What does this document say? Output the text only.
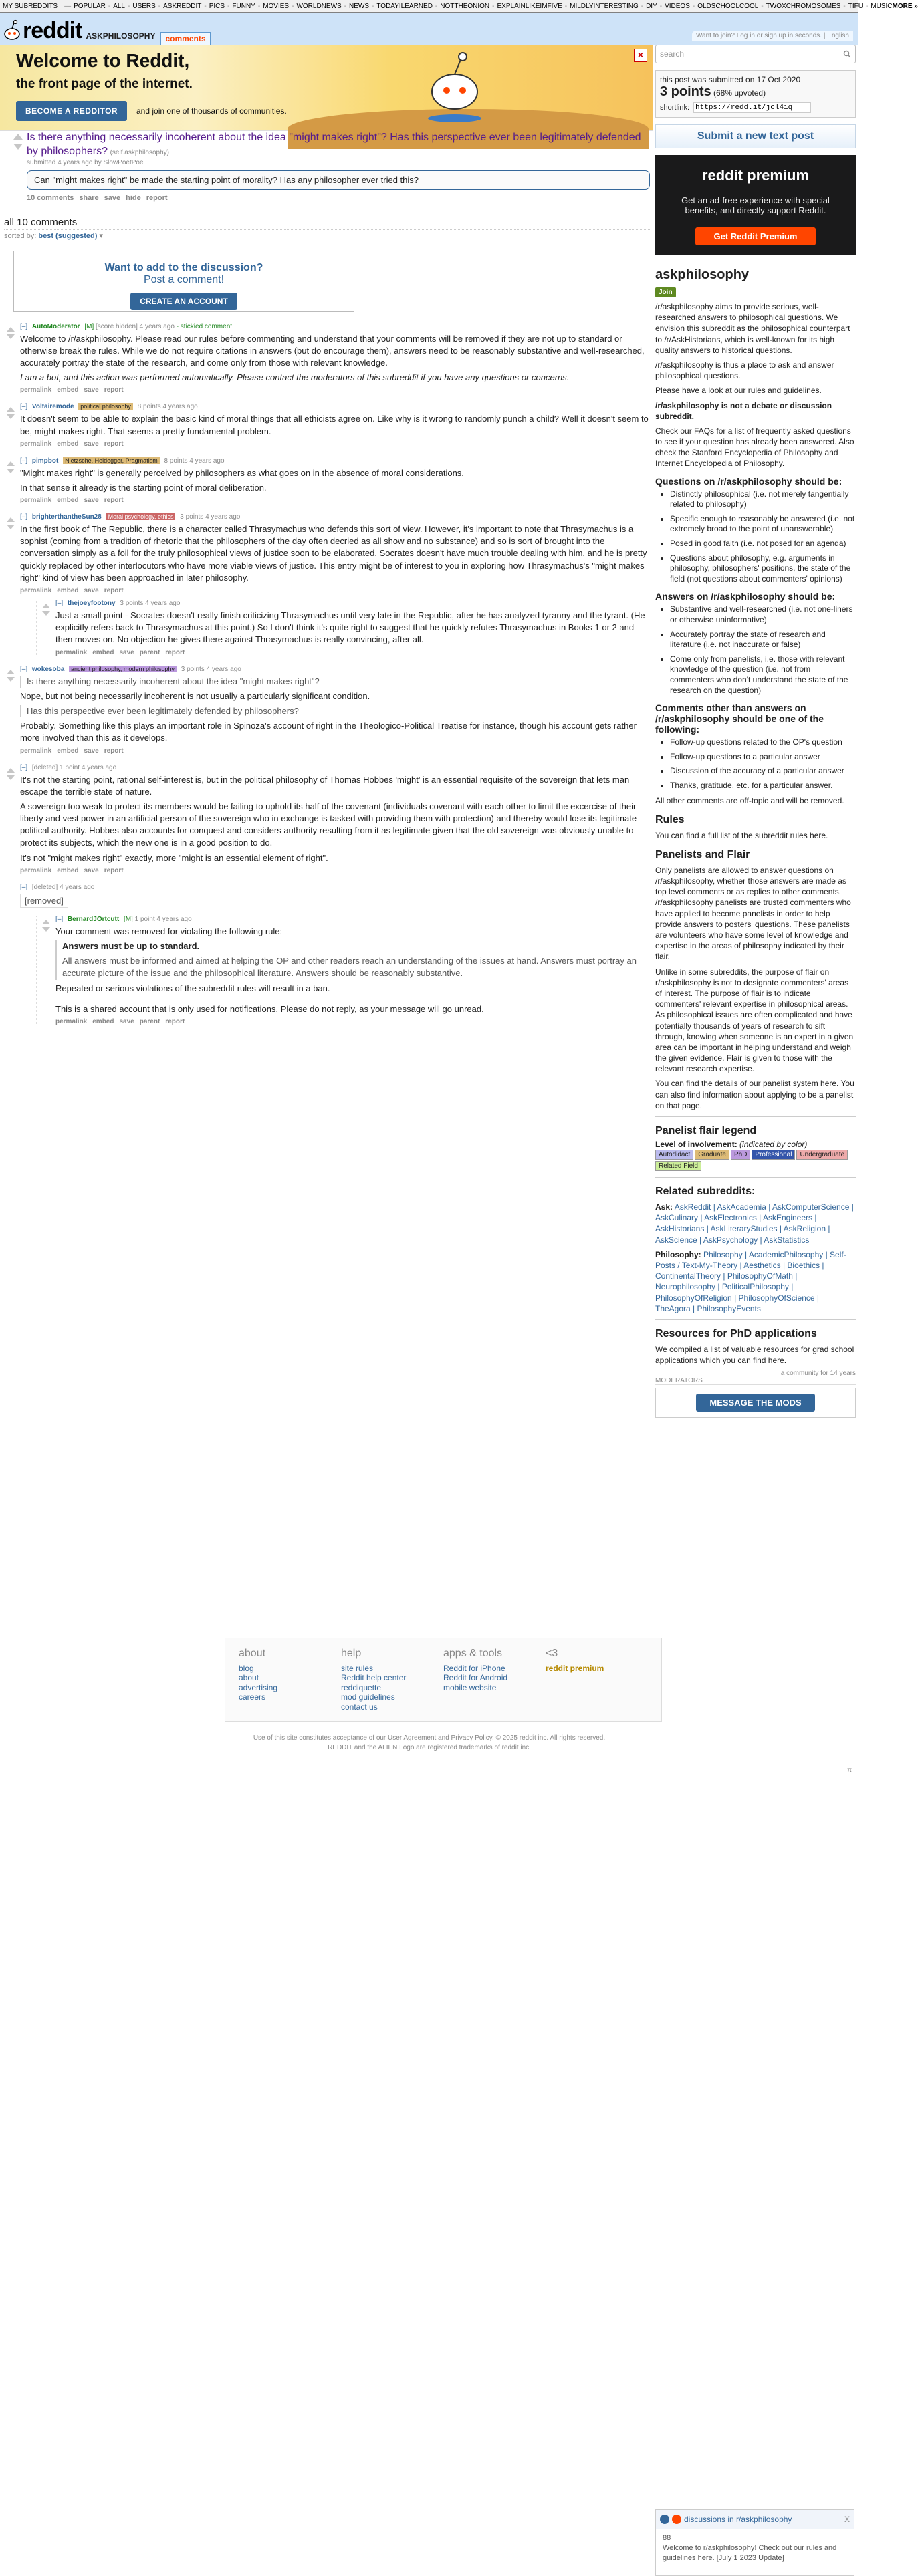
MY SUBREDDITS — POPULAR - ALL - USERS - ASKREDDIT - PICS - FUNNY - MOVIES - WORLDNEWS - NEWS - TODAYILEARNED - NOTTHEONION - EXPLAINLIKEIMFIVE - MILDLYINTERESTING - DIY - VIDEOS - OLDSCHOOLCOOL - TWOXCHROMOSOMES - TIFU - MUSIC MORE »
reddit ASKPHILOSOPHY	comments	Want to join? Log in or sign up in seconds. | English
Welcome to Reddit,
the front page of the internet.
BECOME A REDDITOR	and join one of thousands of communities.
×	search
this post was submitted on 17 Oct 2020
3 points (68% upvoted)
shortlink:
https://redd.it/jcl4iq
Submit a new text post
reddit premium
Get an ad-free experience with special benefits, and directly support Reddit.
Get Reddit Premium
askphilosophy
Join

/r/askphilosophy aims to provide serious, well-researched answers to philosophical questions. We envision this subreddit as the philosophical counterpart to /r/AskHistorians, which is well-known for its high quality answers to historical questions.

/r/askphilosophy is thus a place to ask and answer philosophical questions.

Please have a look at our rules and guidelines.

/r/askphilosophy is not a debate or discussion subreddit.

Check our FAQs for a list of frequently asked questions to see if your question has already been answered. Also check the Stanford Encyclopedia of Philosophy and Internet Encyclopedia of Philosophy.

Questions on /r/askphilosophy should be:
• Distinctly philosophical (i.e. not merely tangentially related to philosophy)
• Specific enough to reasonably be answered (i.e. not extremely broad to the point of unanswerable)
• Posed in good faith (i.e. not posed for an agenda)
• Questions about philosophy, e.g. arguments in philosophy, philosophers' positions, the state of the field (not questions about commenters' opinions)
Answers on /r/askphilosophy should be:
• Substantive and well-researched (i.e. not one-liners or otherwise uninformative)
• Accurately portray the state of research and literature (i.e. not inaccurate or false)
• Come only from panelists, i.e. those with relevant knowledge of the question (i.e. not from commenters who don't understand the state of the research on the question)
Comments other than answers on /r/askphilosophy should be one of the following:
• Follow-up questions related to the OP's question
• Follow-up questions to a particular answer
• Discussion of the accuracy of a particular answer
• Thanks, gratitude, etc. for a particular answer.

All other comments are off-topic and will be removed.

Rules

You can find a full list of the subreddit rules here.

Panelists and Flair

Only panelists are allowed to answer questions on /r/askphilosophy, whether those answers are made as top level comments or as replies to other comments. /r/askphilosophy panelists are trusted commenters who have applied to become panelists in order to help provide answers to posters' questions. These panelists are volunteers who have some level of knowledge and expertise in the areas of philosophy indicated by their flair.

Unlike in some subreddits, the purpose of flair on r/askphilosophy is not to designate commenters' areas of interest. The purpose of flair is to indicate commenters' relevant expertise in philosophical areas. As philosophical issues are often complicated and have potentially thousands of years of research to sift through, knowing when someone is an expert in a given area can be important in helping understand and weigh the given evidence. Flair is given to those with the relevant research expertise.

You can find the details of our panelist system here. You can also find information about applying to be a panelist on that page.

Panelist flair legend
Level of involvement: (indicated by color)
Autodidact Graduate PhD Professional UndergraduateRelated Field
Related subreddits:

Ask: AskReddit | AskAcademia | AskComputerScience | AskCulinary | AskElectronics | AskEngineers | AskHistorians | AskLiteraryStudies | AskReligion | AskScience | AskPsychology | AskStatistics

Philosophy: Philosophy | AcademicPhilosophy | Self-Posts / Text-My-Theory | Aesthetics | Bioethics | ContinentalTheory | PhilosophyOfMath | Neurophilosophy | PoliticalPhilosophy | PhilosophyOfReligion | PhilosophyOfScience | TheAgora | PhilosophyEvents

Resources for PhD applications

We compiled a list of valuable resources for grad school applications which you can find here.

a community for 14 years
MODERATORS
MESSAGE THE MODS
Is there anything necessarily incoherent about the idea "might makes right"? Has this perspective ever been legitimately defended by philosophers? (self.askphilosophy)
submitted 4 years ago by SlowPoetPoe
Can "might makes right" be made the starting point of morality? Has any philosopher ever tried this?
10 comments share save hide report
all 10 comments
sorted by: best (suggested) ▾
Want to add to the discussion?
Post a comment!
CREATE AN ACCOUNT
[–] AutoModerator [M] [score hidden] 4 years ago - stickied comment

Welcome to /r/askphilosophy. Please read our rules before commenting and understand that your comments will be removed if they are not up to standard or otherwise break the rules. While we do not require citations in answers (but do encourage them), answers need to be reasonably substantive and well-researched, accurately portray the state of the research, and come only from those with relevant knowledge.

I am a bot, and this action was performed automatically. Please contact the moderators of this subreddit if you have any questions or concerns.

permalink embed save report
[–] Voltairemode political philosophy 8 points 4 years ago

It doesn't seem to be able to explain the basic kind of moral things that all ethicists agree on. Like why is it wrong to randomly punch a child? Well it doesn't seem to be, might makes right. That seems a pretty fundamental problem.

permalink embed save report
[–] pimpbot Nietzsche, Heidegger, Pragmatism 8 points 4 years ago

"Might makes right" is generally perceived by philosophers as what goes on in the absence of moral considerations.

In that sense it already is the starting point of moral deliberation.

permalink embed save report
[–] brighterthantheSun28 Moral psychology, ethics 3 points 4 years ago

In the first book of The Republic, there is a character called Thrasymachus who defends this sort of view. However, it's important to note that Thrasymachus is a sophist (coming from a tradition of rhetoric that the philosophers of the day often decried as all show and no substance) and so is sort of brought into the conversation simply as a foil for the truly philosophical views of justice soon to be elaborated. Socrates doesn't have much trouble dealing with him, and he is pretty quickly replaced by other interlocutors who have more viable views of justice. This entry might be of interest to you in exploring how Thrasymachus's "might makes right" kind of view has been approached in later philosophy.

permalink embed save report
[–] thejoeyfootony 3 points 4 years ago

Just a small point - Socrates doesn't really finish criticizing Thrasymachus until very late in the Republic, after he has analyzed tyranny and the tyrant. (He explicitly refers back to Thrasymachus at this point.) So I don't think it's quite right to suggest that he quickly refutes Thrasymachus in Books 1 or 2 and then moves on. No objection he gives there against Thrasymachus is really convincing, after all.

permalink embed save parent report
[–] wokesoba ancient philosophy, modern philosophy 3 points 4 years ago
Is there anything necessarily incoherent about the idea "might makes right"?

Nope, but not being necessarily incoherent is not usually a particularly significant condition.

Has this perspective ever been legitimately defended by philosophers?

Probably. Something like this plays an important role in Spinoza's account of right in the Theologico-Political Treatise for instance, though his account gets rather more involved than this as it develops.

permalink embed save report
[–] [deleted] 1 point 4 years ago

It's not the starting point, rational self-interest is, but in the political philosophy of Thomas Hobbes 'might' is an essential requisite of the sovereign that lets man escape the terrible state of nature.

A sovereign too weak to protect its members would be failing to uphold its half of the covenant (individuals covenant with each other to limit the excercise of their liberty and vest power in an artificial person of the sovereign who in exchange is tasked with providing them with protection) and thereby would lose its legitimate political authority. Hobbes also accounts for conquest and considers authority resulting from it as legitimate given that the old sovereign was obviously unable to protect its subjects, which the new one is in a good position to do.

It's not "might makes right" exactly, more "might is an essential element of right".

permalink embed save report
[–] [deleted] 4 years ago
[removed]
[–] BernardJOrtcutt [M] 1 point 4 years ago

Your comment was removed for violating the following rule:

Answers must be up to standard.

All answers must be informed and aimed at helping the OP and other readers reach an understanding of the issues at hand. Answers must portray an accurate picture of the issue and the philosophical literature. Answers should be reasonably substantive.

Repeated or serious violations of the subreddit rules will result in a ban.

This is a shared account that is only used for notifications. Please do not reply, as your message will go unread.

permalink embed save parent report
about
blog
about
advertising
careers
help
site rules
Reddit help center
reddiquette
mod guidelines
contact us
apps & tools
Reddit for iPhone
Reddit for Android
mobile website
<3
reddit premium
Use of this site constitutes acceptance of our User Agreement and Privacy Policy. © 2025 reddit inc. All rights reserved.
REDDIT and the ALIEN Logo are registered trademarks of reddit inc.
π
discussions in r/askphilosophy	X
88
Welcome to r/askphilosophy! Check out our rules and guidelines here. [July 1 2023 Update]
